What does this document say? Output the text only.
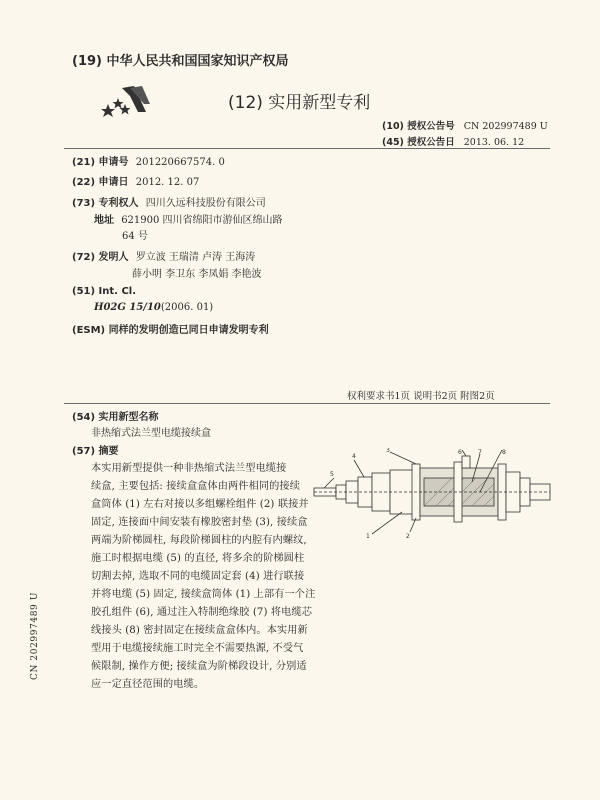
(19) 中华人民共和国国家知识产权局
(12) 实用新型专利
(10) 授权公告号 CN 202997489 U
(45) 授权公告日 2013. 06. 12
(21) 申请号 201220667574. 0
(22) 申请日 2012. 12. 07
(73) 专利权人 四川久远科技股份有限公司
地址 621900 四川省绵阳市游仙区绵山路
64 号
(72) 发明人 罗立波 王瑞清 卢涛 王海涛
薛小明 李卫东 李凤娟 李艳波
(51) Int. Cl.
H02G 15/10(2006. 01)
(ESM) 同样的发明创造已同日申请发明专利
权利要求书1页 说明书2页 附图2页
(54) 实用新型名称
非热缩式法兰型电缆接续盒
(57) 摘要
本实用新型提供一种非热缩式法兰型电缆接
续盒, 主要包括: 接续盒盒体由两件相同的接续
盒筒体 (1) 左右对接以多组螺栓组件 (2) 联接并
固定, 连接面中间安装有橡胶密封垫 (3), 接续盒
两端为阶梯圆柱, 每段阶梯圆柱的内腔有内螺纹,
施工时根据电缆 (5) 的直径, 将多余的阶梯圆柱
切割去掉, 选取不同的电缆固定套 (4) 进行联接
并将电缆 (5) 固定, 接续盒筒体 (1) 上部有一个注
胶孔组件 (6), 通过注入特制绝缘胶 (7) 将电缆芯
线接头 (8) 密封固定在接续盒盒体内。本实用新
型用于电缆接续施工时完全不需要热源, 不受气
候限制, 操作方便; 接续盒为阶梯段设计, 分别适
应一定直径范围的电缆。
5
4
3
2
6	7	8
1
CN 202997489 U
